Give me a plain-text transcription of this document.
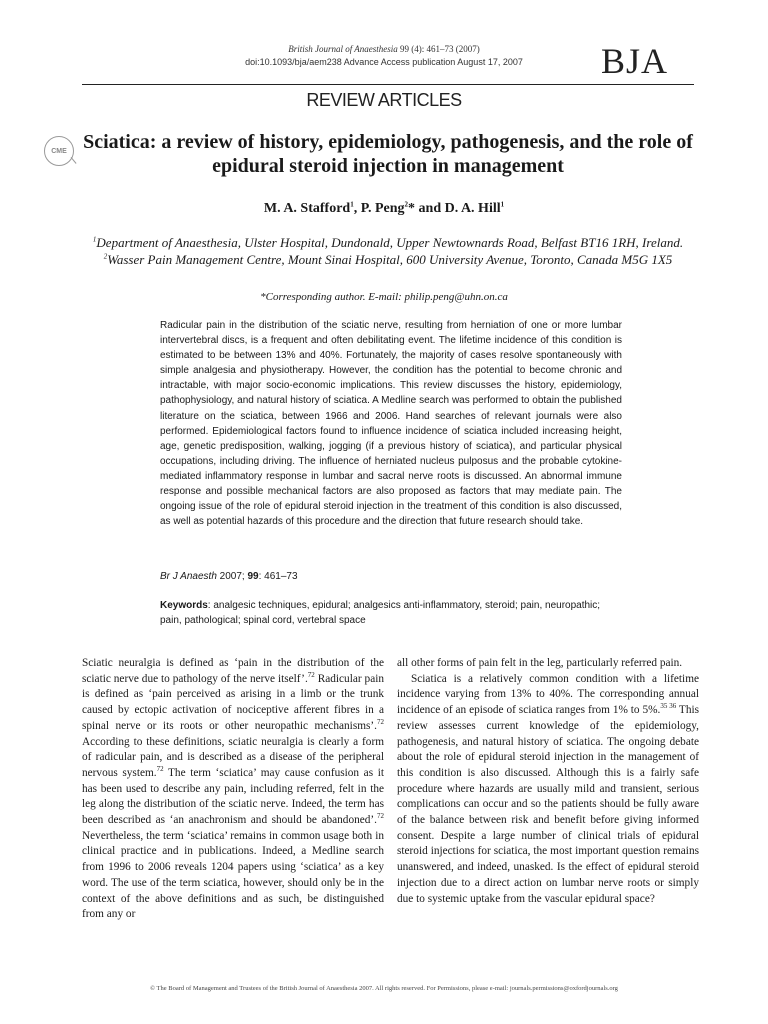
British Journal of Anaesthesia 99 (4): 461–73 (2007)
doi:10.1093/bja/aem238 Advance Access publication August 17, 2007	BJA
REVIEW ARTICLES
CME Sciatica: a review of history, epidemiology, pathogenesis, and the role of epidural steroid injection in management
M. A. Stafford$^1$, P. Peng$^2$* and D. A. Hill$^1$
$^1$Department of Anaesthesia, Ulster Hospital, Dundonald, Upper Newtownards Road, Belfast BT16 1RH, Ireland. $^2$Wasser Pain Management Centre, Mount Sinai Hospital, 600 University Avenue, Toronto, Canada M5G 1X5
*Corresponding author. E-mail: philip.peng@uhn.on.ca
Radicular pain in the distribution of the sciatic nerve, resulting from herniation of one or more lumbar intervertebral discs, is a frequent and often debilitating event. The lifetime incidence of this condition is estimated to be between 13% and 40%. Fortunately, the majority of cases resolve spontaneously with simple analgesia and physiotherapy. However, the condition has the potential to become chronic and intractable, with major socio-economic implications. This review discusses the history, epidemiology, pathophysiology, and natural history of sciatica. A Medline search was performed to obtain the published literature on the sciatica, between 1966 and 2006. Hand searches of relevant journals were also performed. Epidemiological factors found to influence incidence of sciatica included increasing height, age, genetic predisposition, walking, jogging (if a previous history of sciatica), and particular physical occupations, including driving. The influence of herniated nucleus pulposus and the probable cytokine-mediated inflammatory response in lumbar and sacral nerve roots is discussed. An abnormal immune response and possible mechanical factors are also proposed as factors that may mediate pain. The ongoing issue of the role of epidural steroid injection in the treatment of this condition is also discussed, as well as potential hazards of this procedure and the direction that future research should take.
Br J Anaesth 2007; 99: 461–73
Keywords: analgesic techniques, epidural; analgesics anti-inflammatory, steroid; pain, neuropathic; pain, pathological; spinal cord, vertebral space

Sciatic neuralgia is defined as ‘pain in the distribution of the sciatic nerve due to pathology of the nerve itself’.$^{72}$ Radicular pain is defined as ‘pain perceived as arising in a limb or the trunk caused by ectopic activation of nociceptive afferent fibres in a spinal nerve or its roots or other neuropathic mechanisms’.$^{72}$ According to these definitions, sciatic neuralgia is clearly a form of radicular pain, and is described as a disease of the peripheral nervous system.$^{72}$ The term ‘sciatica’ may cause confusion as it has been used to describe any pain, including referred, felt in the leg along the distribution of the sciatic nerve. Indeed, the term has been described as ‘an anachronism and should be abandoned’.$^{72}$ Nevertheless, the term ‘sciatica’ remains in common usage both in clinical practice and in publications. Indeed, a Medline search from 1996 to 2006 reveals 1204 papers using ‘sciatica’ as a key word. The use of the term sciatica, however, should only be in the context of the above definitions and as such, be distinguished from any or

all other forms of pain felt in the leg, particularly referred pain.

Sciatica is a relatively common condition with a lifetime incidence varying from 13% to 40%. The corresponding annual incidence of an episode of sciatica ranges from 1% to 5%.$^{35 36}$ This review assesses current knowledge of the epidemiology, pathogenesis, and natural history of sciatica. The ongoing debate about the role of epidural steroid injection in the management of this condition is also discussed. Although this is a fairly safe procedure where hazards are usually mild and transient, serious complications can occur and so the patients should be fully aware of the balance between risk and benefit before giving informed consent. Despite a large number of clinical trials of epidural steroid injections for sciatica, the most important question remains unanswered, and indeed, unasked. Is the effect of epidural steroid injection due to a direct action on lumbar nerve roots or simply due to systemic uptake from the vascular epidural space?

© The Board of Management and Trustees of the British Journal of Anaesthesia 2007. All rights reserved. For Permissions, please e-mail: journals.permissions@oxfordjournals.org
